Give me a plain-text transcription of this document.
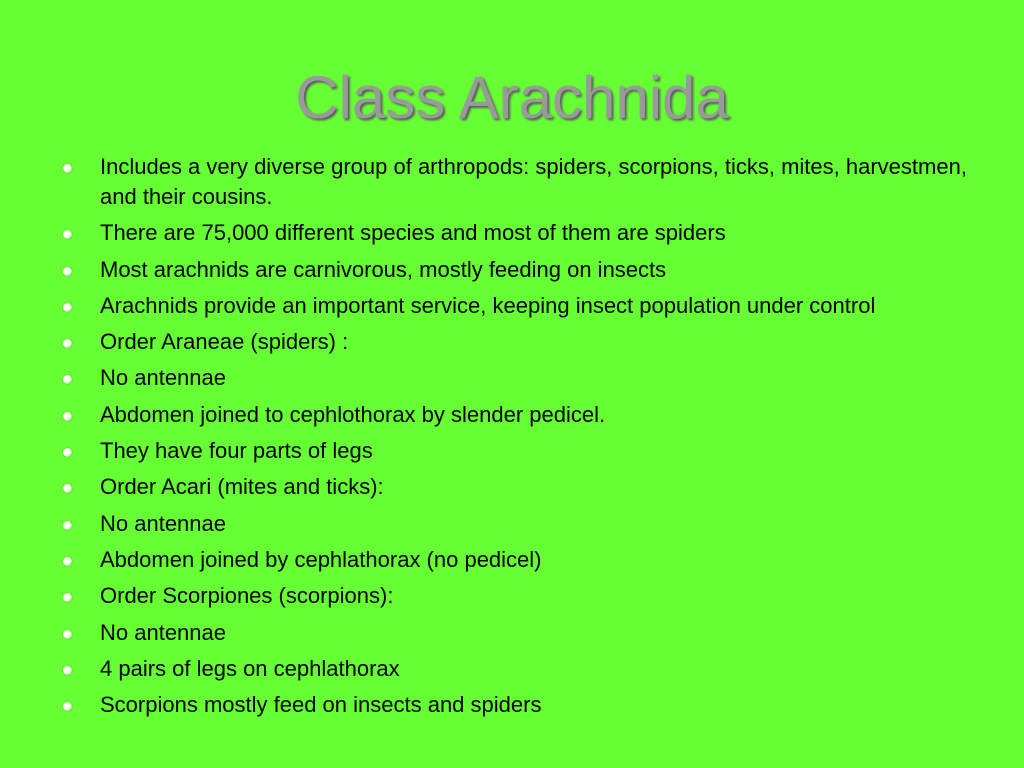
Class Arachnida
Includes a very diverse group of arthropods: spiders, scorpions, ticks, mites, harvestmen, and their cousins.
There are 75,000 different species and most of them are spiders
Most arachnids are carnivorous, mostly feeding on insects
Arachnids provide an important service, keeping insect population under control
Order Araneae (spiders) :
No antennae
Abdomen joined to cephlothorax by slender pedicel.
They have four parts of legs
Order Acari (mites and ticks):
No antennae
Abdomen joined by cephlathorax (no pedicel)
Order Scorpiones (scorpions):
No antennae
4 pairs of legs on cephlathorax
Scorpions mostly feed on insects and spiders
